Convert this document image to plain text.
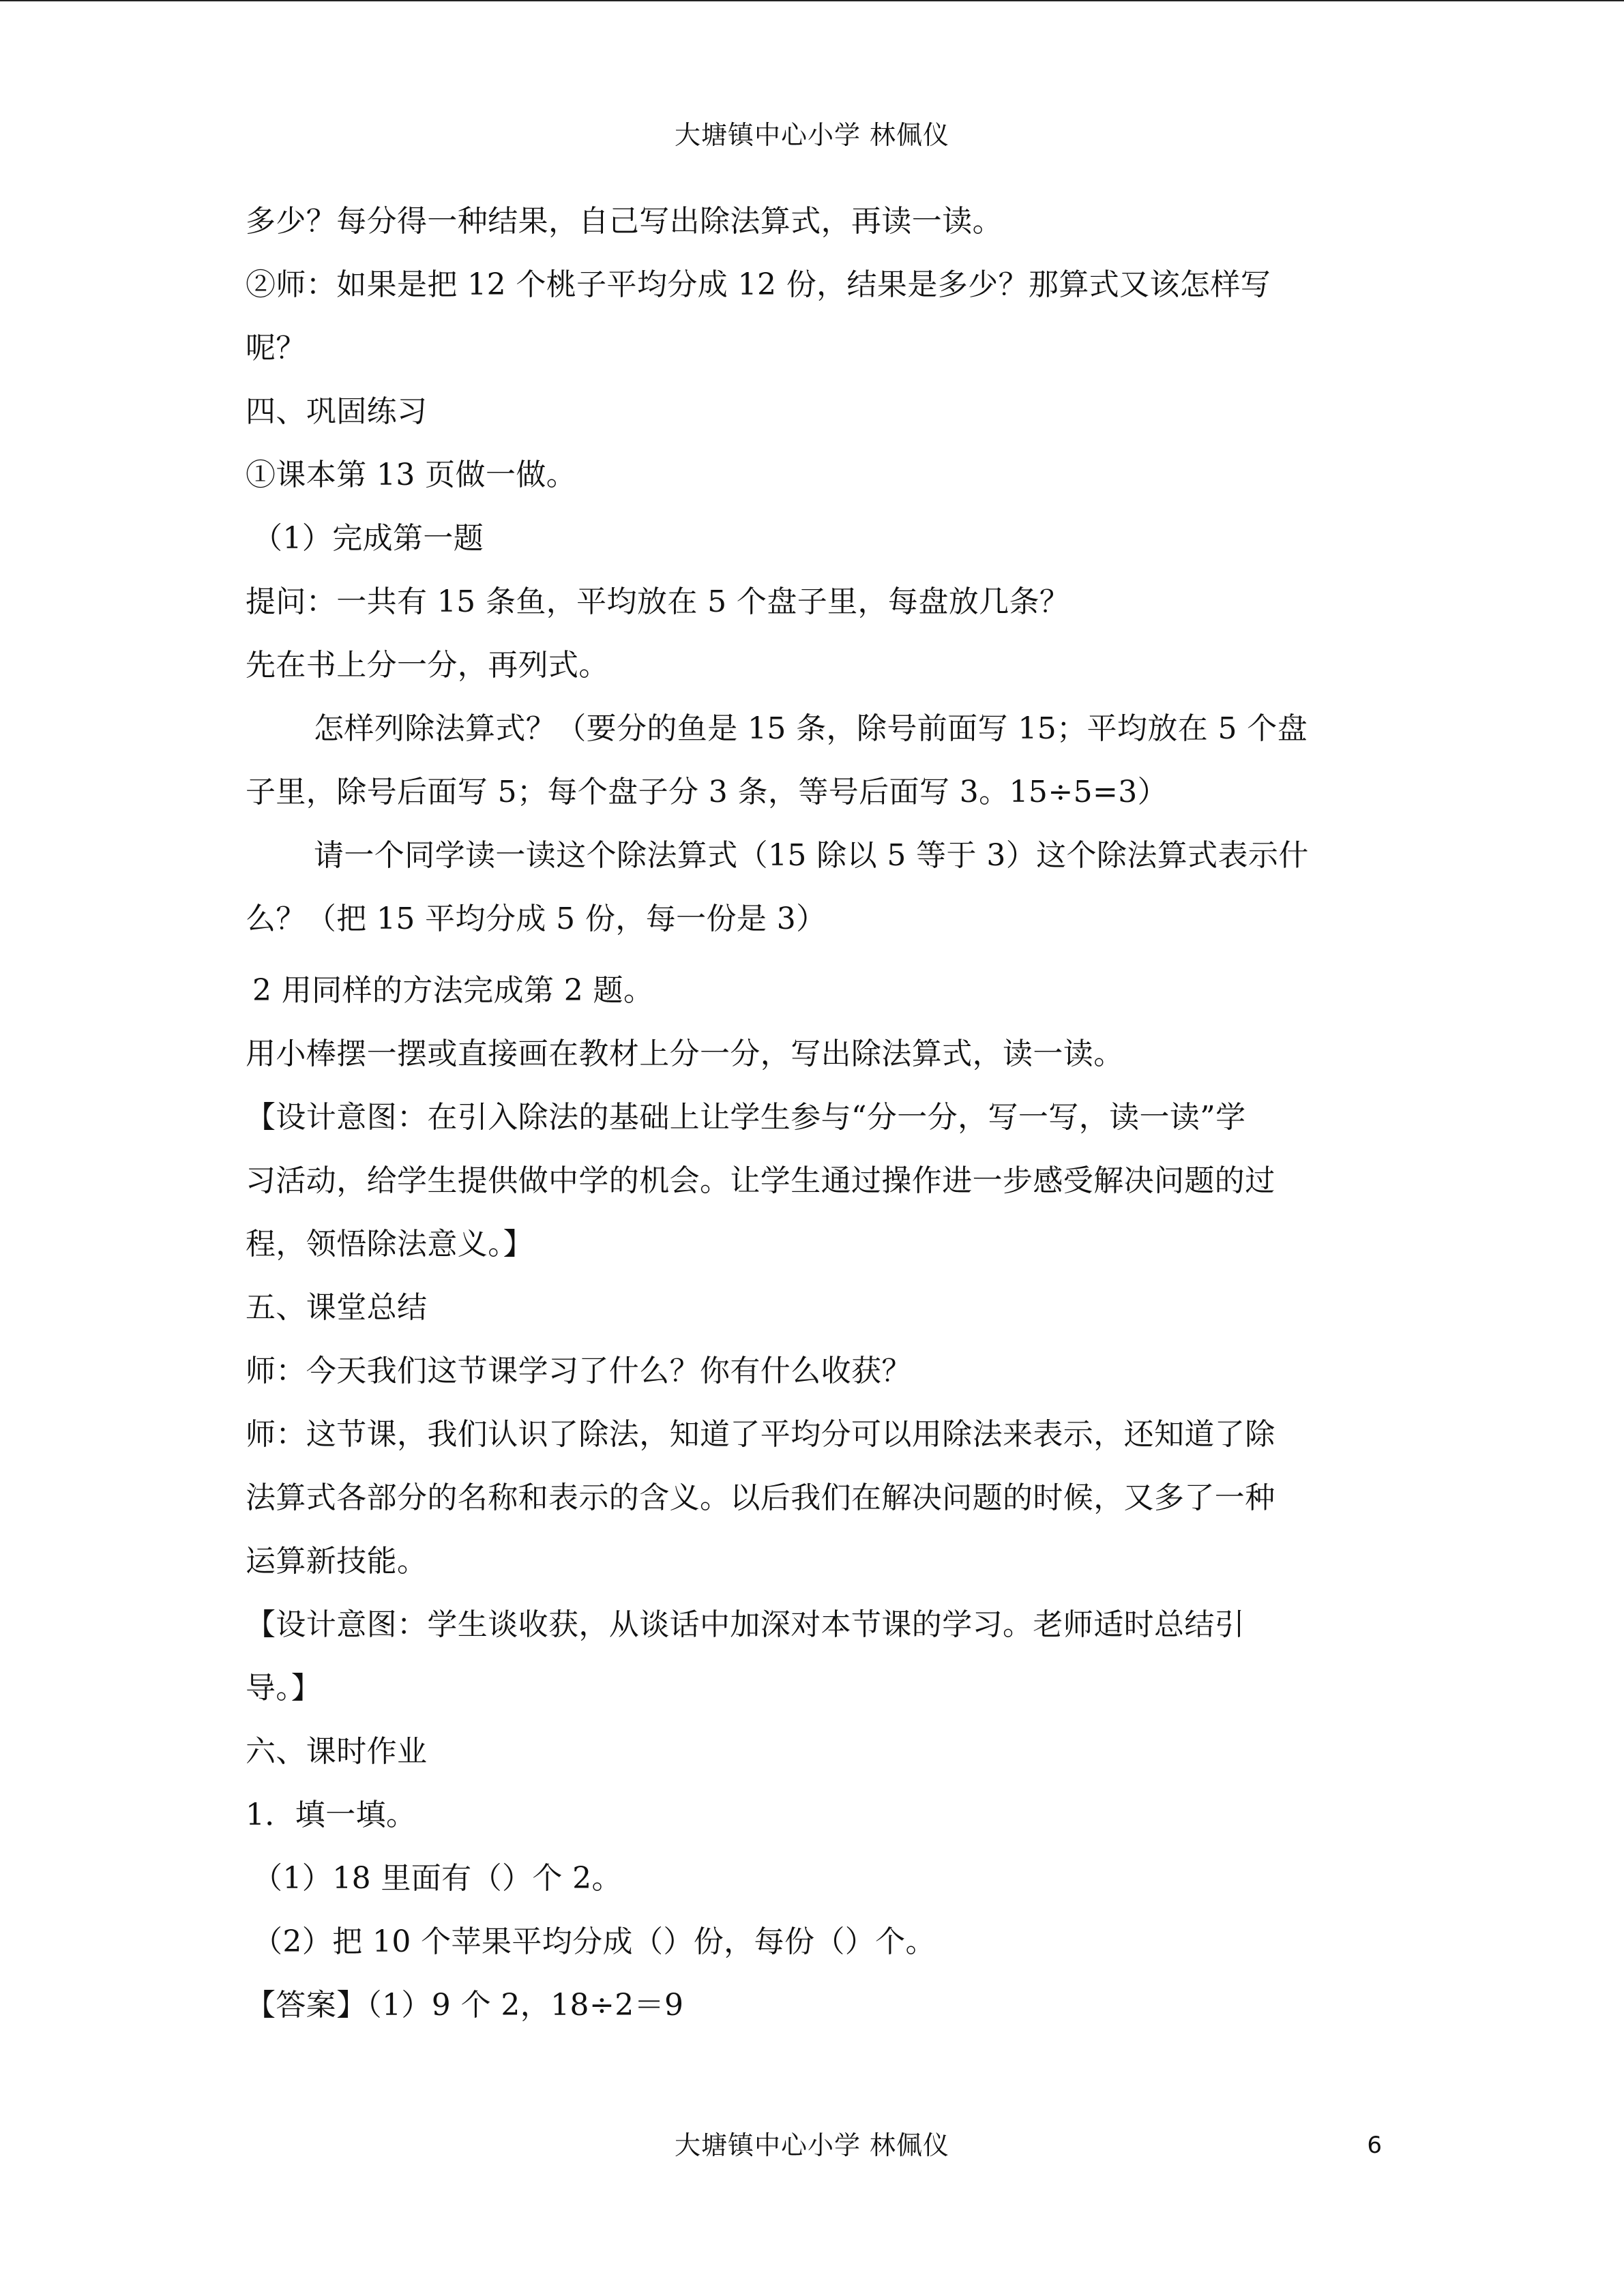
大塘镇中心小学 林佩仪
多少？每分得一种结果，自己写出除法算式，再读一读。
②师：如果是把 12 个桃子平均分成 12 份，结果是多少？那算式又该怎样写
呢？
四、巩固练习
①课本第 13 页做一做。
（1）完成第一题
提问：一共有 15 条鱼，平均放在 5 个盘子里，每盘放几条？
先在书上分一分，再列式。
怎样列除法算式？（要分的鱼是 15 条，除号前面写 15；平均放在 5 个盘
子里，除号后面写 5；每个盘子分 3 条，等号后面写 3。15÷5=3）
请一个同学读一读这个除法算式（15 除以 5 等于 3）这个除法算式表示什
么？（把 15 平均分成 5 份，每一份是 3）
2 用同样的方法完成第 2 题。
用小棒摆一摆或直接画在教材上分一分，写出除法算式，读一读。
【设计意图：在引入除法的基础上让学生参与“分一分，写一写，读一读”学
习活动，给学生提供做中学的机会。让学生通过操作进一步感受解决问题的过
程，领悟除法意义。】
五、课堂总结
师：今天我们这节课学习了什么？你有什么收获？
师：这节课，我们认识了除法，知道了平均分可以用除法来表示，还知道了除
法算式各部分的名称和表示的含义。以后我们在解决问题的时候，又多了一种
运算新技能。
【设计意图：学生谈收获，从谈话中加深对本节课的学习。老师适时总结引
导。】
六、课时作业
1．填一填。
（1）18 里面有（）个 2。
（2）把 10 个苹果平均分成（）份，每份（）个。
【答案】（1）9 个 2，18÷2＝9
大塘镇中心小学 林佩仪	6
